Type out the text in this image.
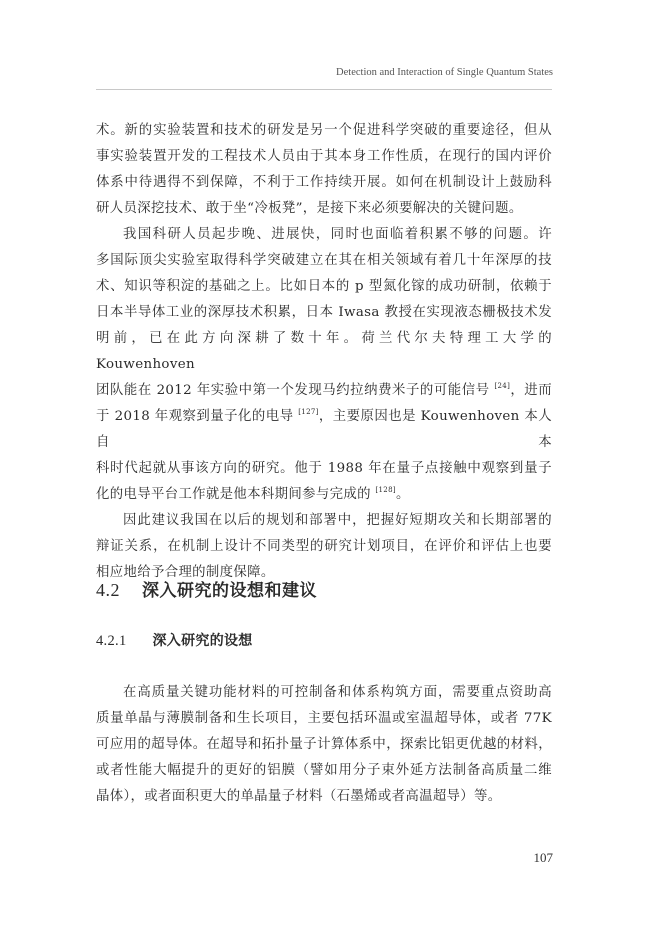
Detection and Interaction of Single Quantum States

术。新的实验装置和技术的研发是另一个促进科学突破的重要途径，但从

事实验装置开发的工程技术人员由于其本身工作性质，在现行的国内评价

体系中待遇得不到保障，不利于工作持续开展。如何在机制设计上鼓励科

研人员深挖技术、敢于坐“冷板凳”，是接下来必须要解决的关键问题。

我国科研人员起步晚、进展快，同时也面临着积累不够的问题。许

多国际顶尖实验室取得科学突破建立在其在相关领域有着几十年深厚的技

术、知识等积淀的基础之上。比如日本的 p 型氮化镓的成功研制，依赖于

日本半导体工业的深厚技术积累，日本 Iwasa 教授在实现液态栅极技术发

明前，已在此方向深耕了数十年。荷兰代尔夫特理工大学的 Kouwenhoven

团队能在 2012 年实验中第一个发现马约拉纳费米子的可能信号 [24]，进而

于 2018 年观察到量子化的电导 [127]，主要原因也是 Kouwenhoven 本人自本

科时代起就从事该方向的研究。他于 1988 年在量子点接触中观察到量子

化的电导平台工作就是他本科期间参与完成的 [128]。

因此建议我国在以后的规划和部署中，把握好短期攻关和长期部署的

辩证关系，在机制上设计不同类型的研究计划项目，在评价和评估上也要

相应地给予合理的制度保障。

4.2 深入研究的设想和建议
4.2.1 深入研究的设想

在高质量关键功能材料的可控制备和体系构筑方面，需要重点资助高

质量单晶与薄膜制备和生长项目，主要包括环温或室温超导体，或者 77K

可应用的超导体。在超导和拓扑量子计算体系中，探索比铝更优越的材料，

或者性能大幅提升的更好的铝膜（譬如用分子束外延方法制备高质量二维

晶体），或者面积更大的单晶量子材料（石墨烯或者高温超导）等。

107
